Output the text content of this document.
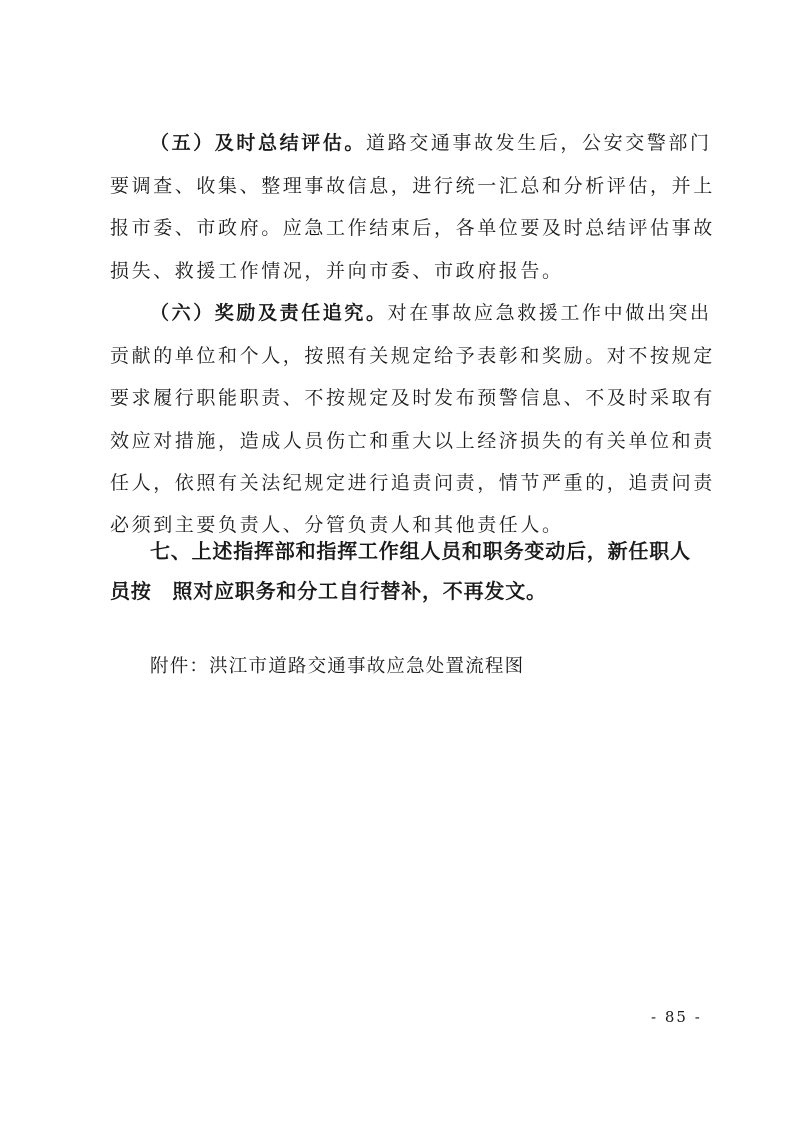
（五）及时总结评估。道路交通事故发生后，公安交警部门
要调查、收集、整理事故信息，进行统一汇总和分析评估，并上
报市委、市政府。应急工作结束后，各单位要及时总结评估事故
损失、救援工作情况，并向市委、市政府报告。
（六）奖励及责任追究。对在事故应急救援工作中做出突出
贡献的单位和个人，按照有关规定给予表彰和奖励。对不按规定
要求履行职能职责、不按规定及时发布预警信息、不及时采取有
效应对措施，造成人员伤亡和重大以上经济损失的有关单位和责
任人，依照有关法纪规定进行追责问责，情节严重的，追责问责
必须到主要负责人、分管负责人和其他责任人。
七、上述指挥部和指挥工作组人员和职务变动后，新任职人
员按　照对应职务和分工自行替补，不再发文。
附件：洪江市道路交通事故应急处置流程图
- 85 -
